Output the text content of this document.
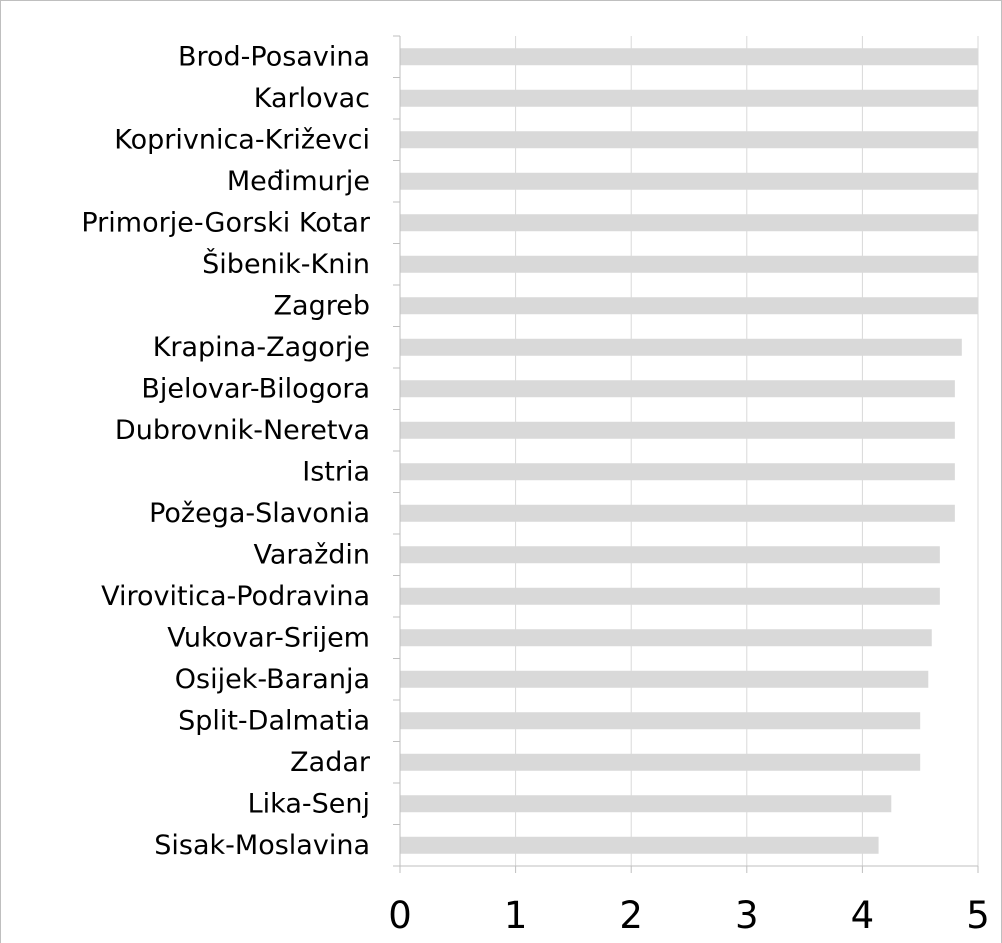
Brod-Posavina
Karlovac
Koprivnica-Križevci
Međimurje
Primorje-Gorski Kotar
Šibenik-Knin
Zagreb
Krapina-Zagorje
Bjelovar-Bilogora
Dubrovnik-Neretva
Istria
Požega-Slavonia
Varaždin
Virovitica-Podravina
Vukovar-Srijem
Osijek-Baranja
Split-Dalmatia
Zadar
Lika-Senj
Sisak-Moslavina
0 1 2 3 4 5
